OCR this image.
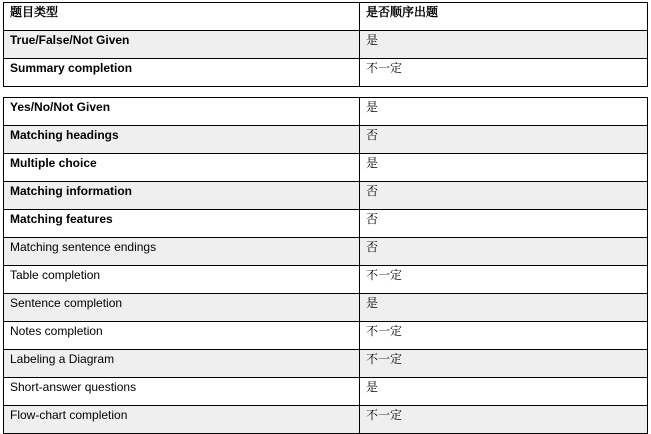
题目类型	是否顺序出题
True/False/Not Given	是
Summary completion	不一定
Yes/No/Not Given	是
Matching headings	否
Multiple choice	是
Matching information	否
Matching features	否
Matching sentence endings	否
Table completion	不一定
Sentence completion	是
Notes completion	不一定
Labeling a Diagram	不一定
Short-answer questions	是
Flow-chart completion	不一定
